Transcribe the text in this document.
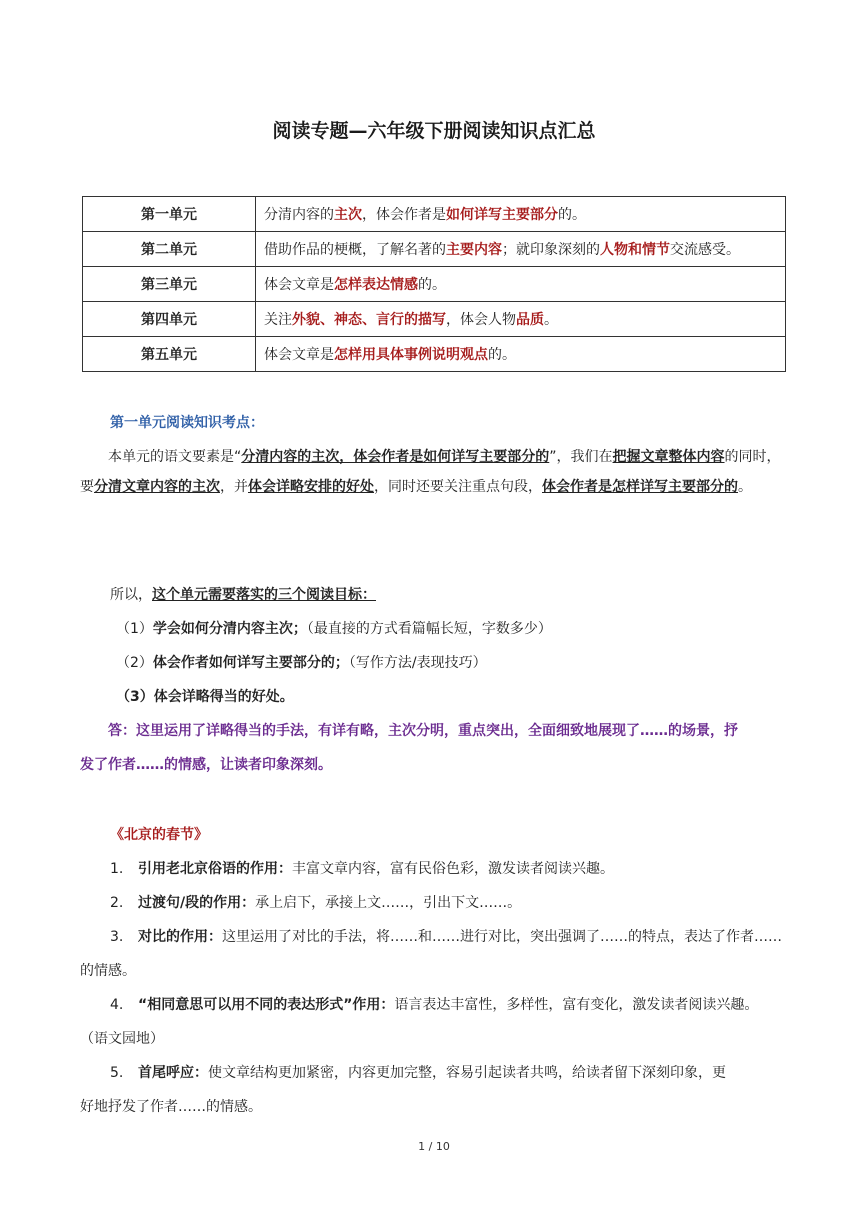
阅读专题—六年级下册阅读知识点汇总
第一单元	分清内容的主次，体会作者是如何详写主要部分的。
第二单元	借助作品的梗概，了解名著的主要内容；就印象深刻的人物和情节交流感受。
第三单元	体会文章是怎样表达情感的。
第四单元	关注外貌、神态、言行的描写，体会人物品质。
第五单元	体会文章是怎样用具体事例说明观点的。
第一单元阅读知识考点：
本单元的语文要素是“分清内容的主次，体会作者是如何详写主要部分的”，我们在把握文章整体内容的同时，要分清文章内容的主次，并体会详略安排的好处，同时还要关注重点句段，体会作者是怎样详写主要部分的。
所以，这个单元需要落实的三个阅读目标：
（1）学会如何分清内容主次；（最直接的方式看篇幅长短，字数多少）
（2）体会作者如何详写主要部分的；（写作方法/表现技巧）
（3）体会详略得当的好处。
答：这里运用了详略得当的手法，有详有略，主次分明，重点突出，全面细致地展现了……的场景，抒
发了作者……的情感，让读者印象深刻。
《北京的春节》
1. 引用老北京俗语的作用：丰富文章内容，富有民俗色彩，激发读者阅读兴趣。
2. 过渡句/段的作用：承上启下，承接上文……，引出下文……。
3. 对比的作用：这里运用了对比的手法，将……和……进行对比，突出强调了……的特点，表达了作者……
的情感。
4. “相同意思可以用不同的表达形式”作用：语言表达丰富性，多样性，富有变化，激发读者阅读兴趣。
（语文园地）
5. 首尾呼应：使文章结构更加紧密，内容更加完整，容易引起读者共鸣，给读者留下深刻印象，更
好地抒发了作者……的情感。
1 / 10
